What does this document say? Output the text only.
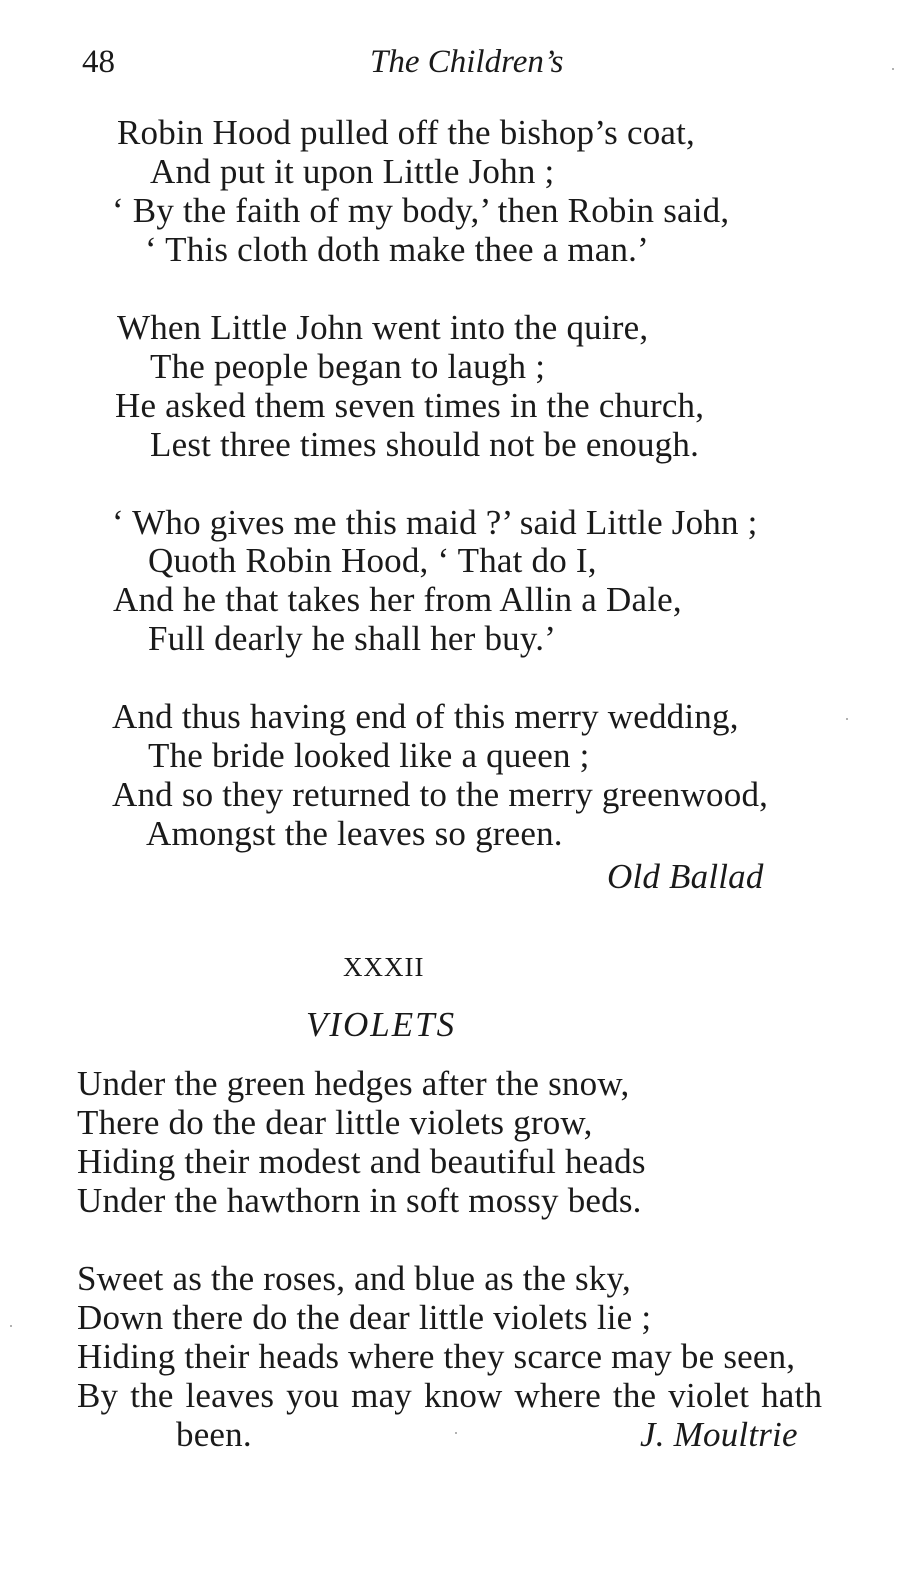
48	The Children’s
Robin Hood pulled off the bishop’s coat,
And put it upon Little John ;
‘ By the faith of my body,’ then Robin said,
‘ This cloth doth make thee a man.’
When Little John went into the quire,
The people began to laugh ;
He asked them seven times in the church,
Lest three times should not be enough.
‘ Who gives me this maid ?’ said Little John ;
Quoth Robin Hood, ‘ That do I,
And he that takes her from Allin a Dale,
Full dearly he shall her buy.’
And thus having end of this merry wedding,
The bride looked like a queen ;
And so they returned to the merry greenwood,
Amongst the leaves so green.
Old Ballad
XXXII
VIOLETS
Under the green hedges after the snow,
There do the dear little violets grow,
Hiding their modest and beautiful heads
Under the hawthorn in soft mossy beds.
Sweet as the roses, and blue as the sky,
Down there do the dear little violets lie ;
Hiding their heads where they scarce may be seen,
By the leaves you may know where the violet hath
been.	J. Moultrie
